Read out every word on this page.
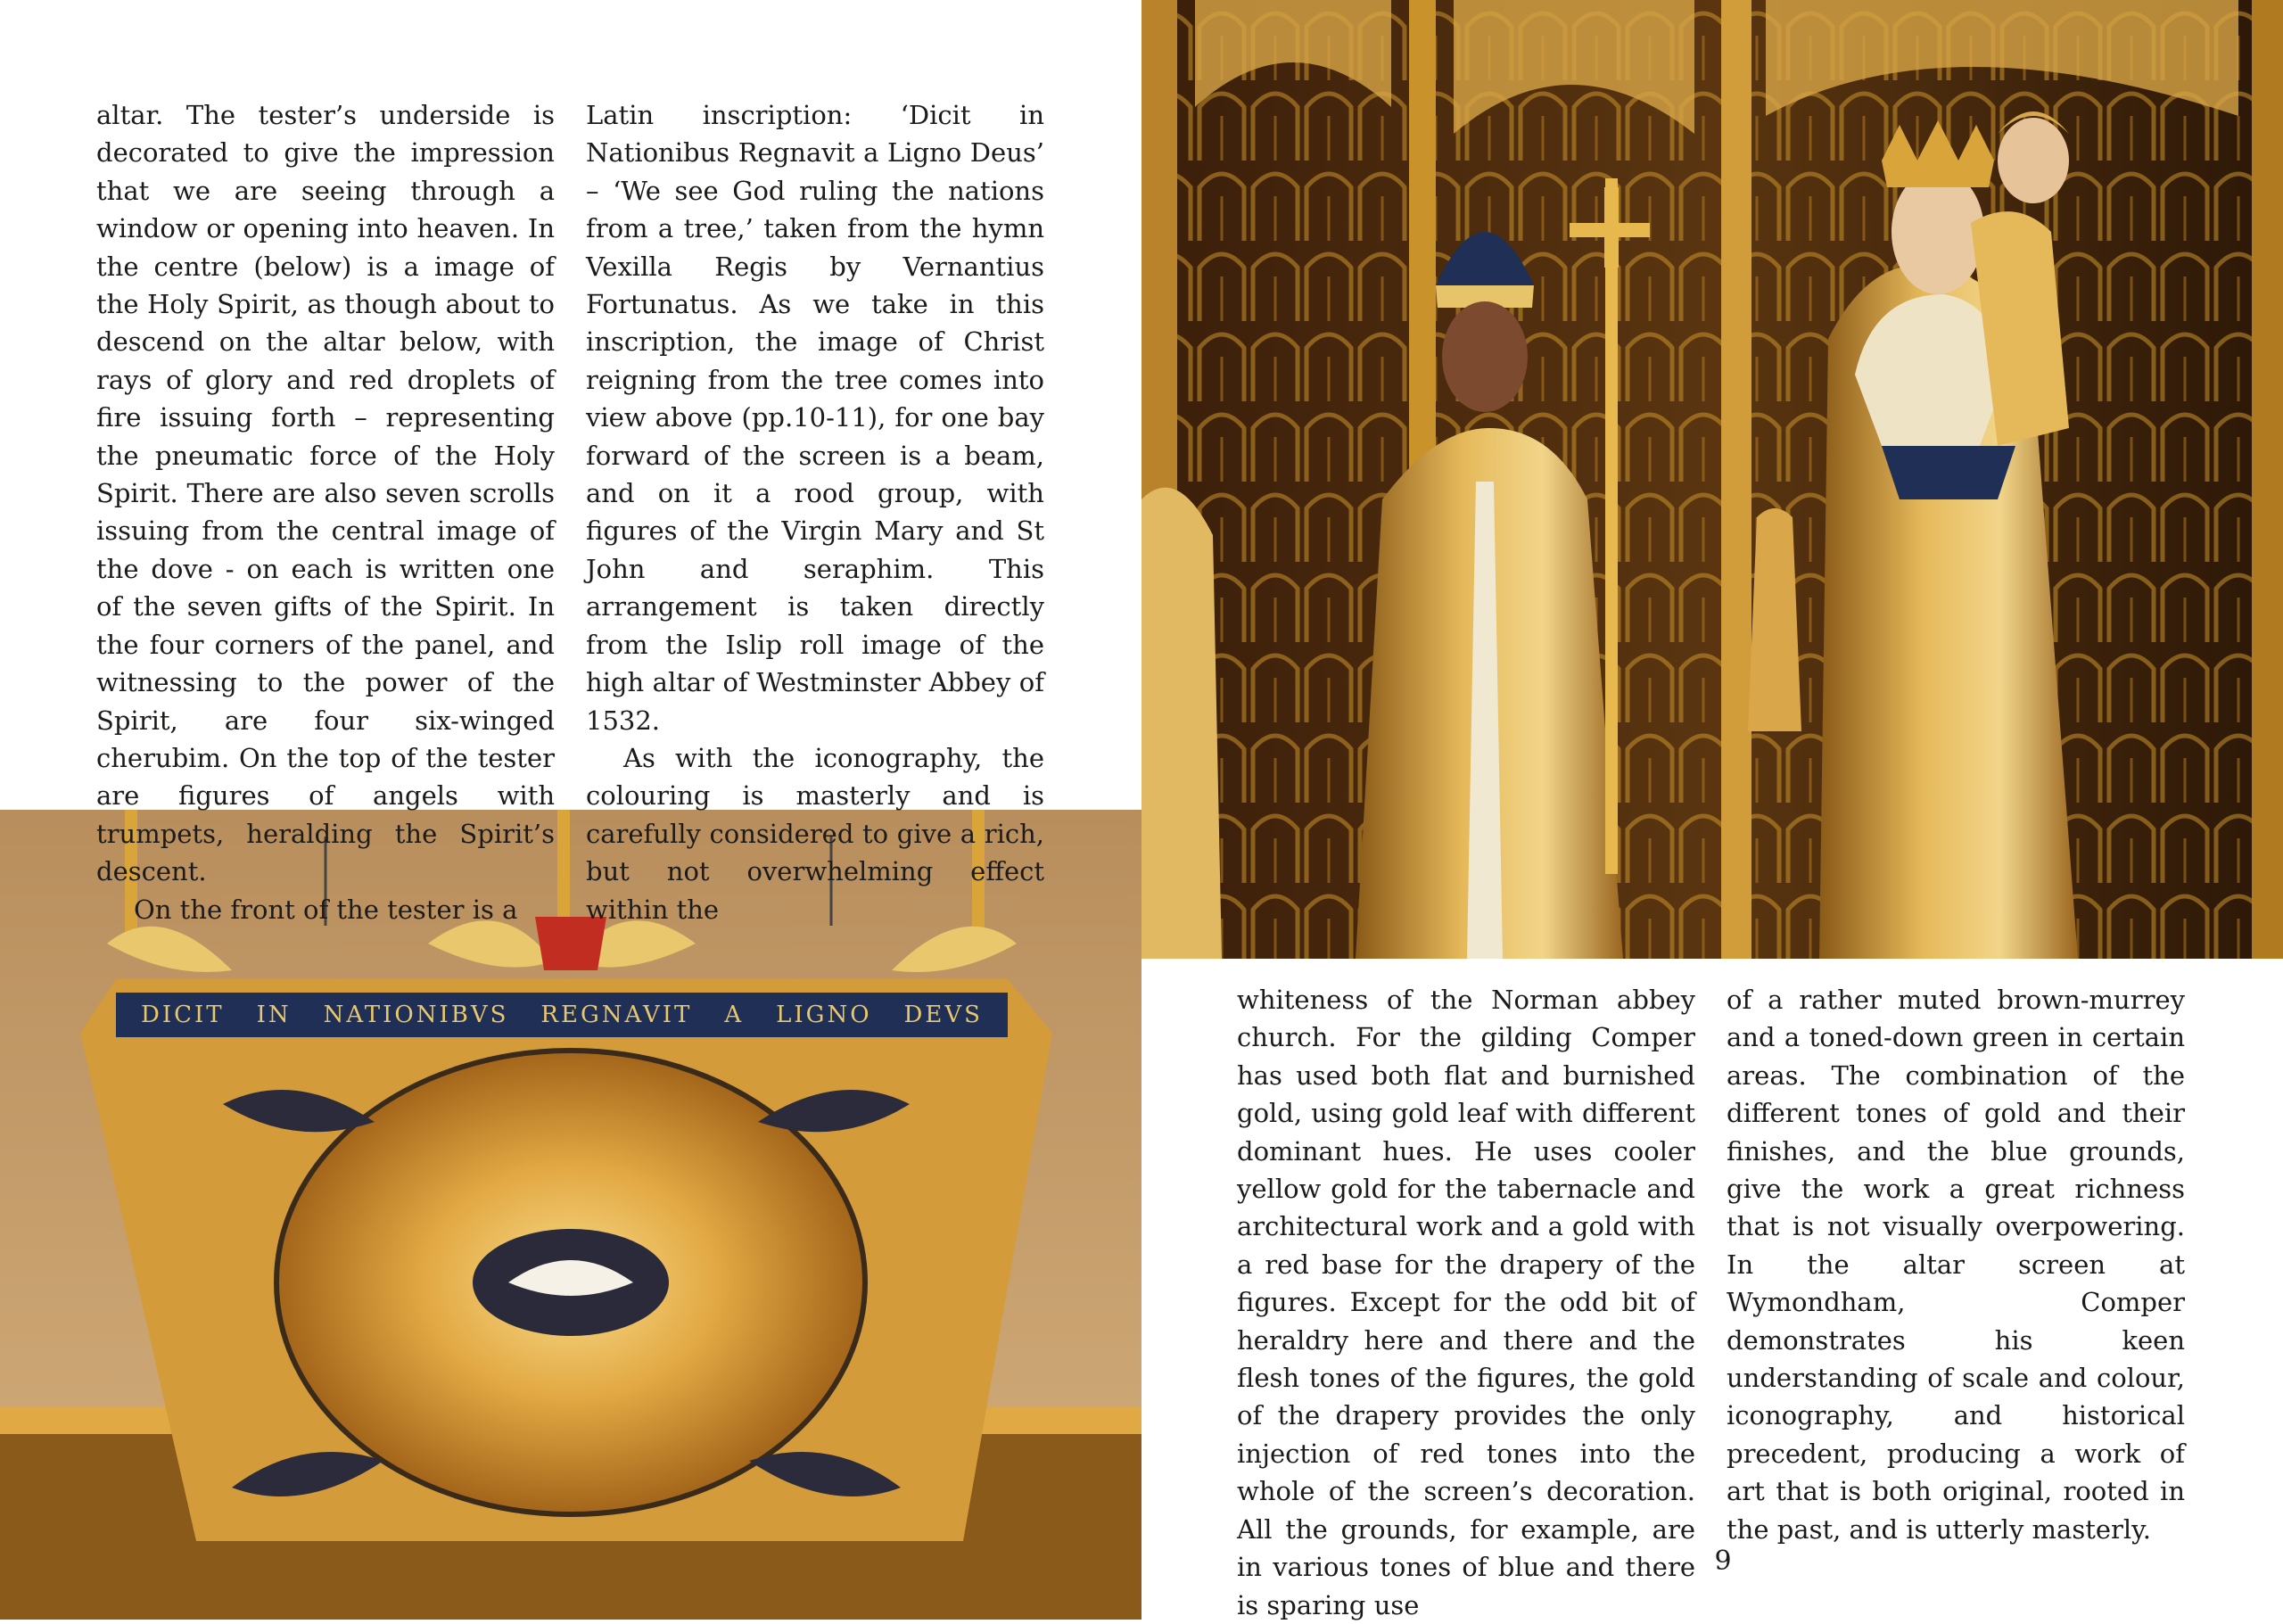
DICIT IN NATIONIBVS REGNAVIT A LIGNO DEVS

altar. The tester’s underside is decorated to give the impression that we are seeing through a window or opening into heaven. In the centre (below) is a image of the Holy Spirit, as though about to descend on the altar below, with rays of glory and red droplets of fire issuing forth – representing the pneumatic force of the Holy Spirit. There are also seven scrolls issuing from the central image of the dove - on each is written one of the seven gifts of the Spirit. In the four corners of the panel, and witnessing to the power of the Spirit, are four six-winged cherubim. On the top of the tester are figures of angels with trumpets, heralding the Spirit’s descent.

On the front of the tester is a

Latin inscription: ‘Dicit in Nationibus Regnavit a Ligno Deus’ – ‘We see God ruling the nations from a tree,’ taken from the hymn Vexilla Regis by Vernantius Fortunatus. As we take in this inscription, the image of Christ reigning from the tree comes into view above (pp.10-11), for one bay forward of the screen is a beam, and on it a rood group, with figures of the Virgin Mary and St John and seraphim. This arrangement is taken directly from the Islip roll image of the high altar of Westminster Abbey of 1532.

As with the iconography, the colouring is masterly and is carefully considered to give a rich, but not overwhelming effect within the

whiteness of the Norman abbey church. For the gilding Comper has used both flat and burnished gold, using gold leaf with different dominant hues. He uses cooler yellow gold for the tabernacle and architectural work and a gold with a red base for the drapery of the figures. Except for the odd bit of heraldry here and there and the flesh tones of the figures, the gold of the drapery provides the only injection of red tones into the whole of the screen’s decoration. All the grounds, for example, are in various tones of blue and there is sparing use

of a rather muted brown-murrey and a toned-down green in certain areas. The combination of the different tones of gold and their finishes, and the blue grounds, give the work a great richness that is not visually overpowering. In the altar screen at Wymondham, Comper demonstrates his keen understanding of scale and colour, iconography, and historical precedent, producing a work of art that is both original, rooted in the past, and is utterly masterly.

9
